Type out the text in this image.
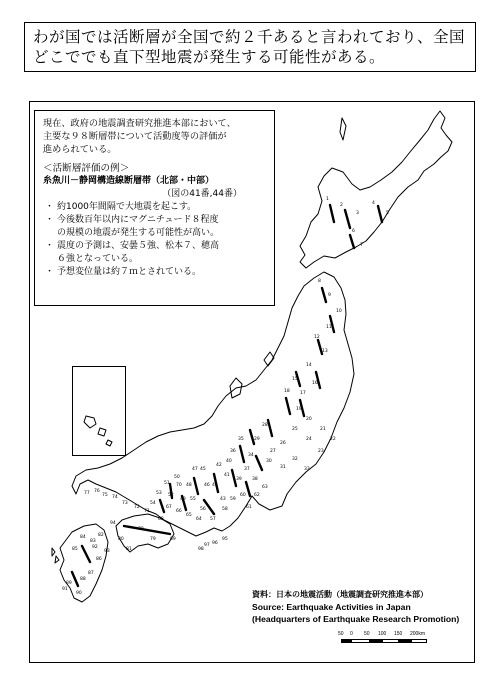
わが国では活断層が全国で約２千あると言われており、全国
どこででも直下型地震が発生する可能性がある。
1
2
3
4
5
6
7
8
9
10
11
12
13
14
15
16
17
18
19
20
21
22
23
24
25
26
27
28
29
30
31
32
33
34
35
36
37
38
39
40
41
42
43
44
45
46
47
48
49
50
51
52
53
54
55
56
57
58
59
60
61
62
63
64
65
66
67
68
69
70
71
72
73
74
75
76
77
78
79
80
81
82
83
84
85
86
87
88
89
90
91
92
93
94
95
96
97
98
現在、政府の地震調査研究推進本部において、
主要な９８断層帯について活動度等の評価が
進められている。
＜活断層評価の例＞
糸魚川－静岡構造線断層帯（北部・中部）
（図の41番,44番）
・ 約1000年間隔で大地震を起こす。
・ 今後数百年以内にマグニチュード８程度
の規模の地震が発生する可能性が高い。
・ 震度の予測は、安曇５強、松本７、穂高
６強となっている。
・ 予想変位量は約７ｍとされている。
資料：日本の地震活動（地震調査研究推進本部）
Source: Earthquake Activities in Japan
(Headquarters of Earthquake Research Promotion)
50 0 50 100 150 200km
